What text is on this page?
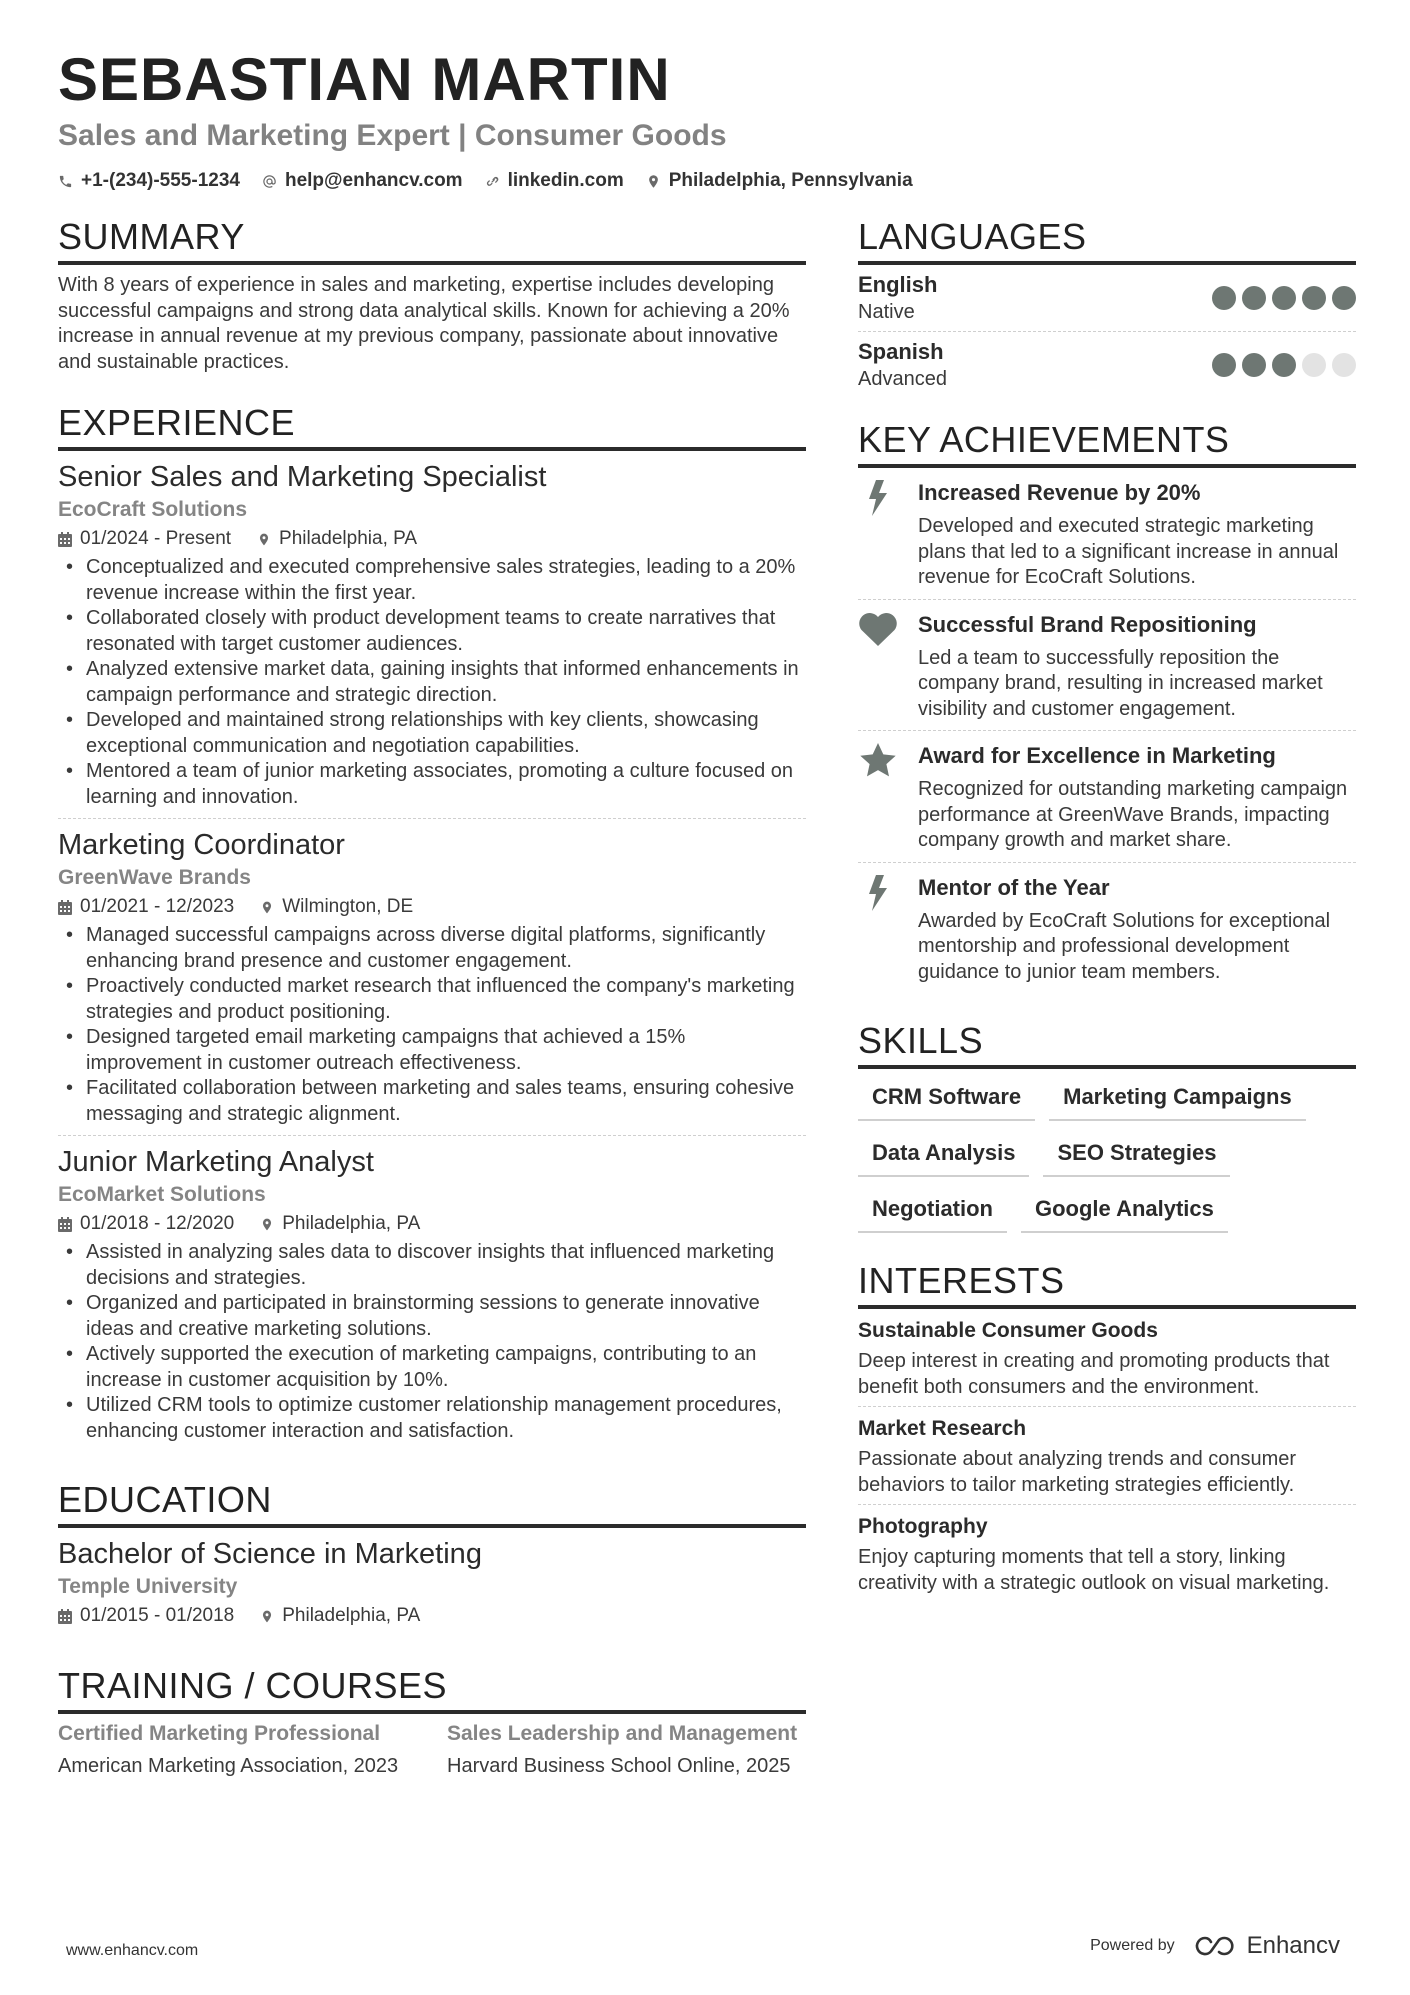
SEBASTIAN MARTIN
Sales and Marketing Expert | Consumer Goods
+1-(234)-555-1234 help@enhancv.com linkedin.com Philadelphia, Pennsylvania
SUMMARY

With 8 years of experience in sales and marketing, expertise includes developing successful campaigns and strong data analytical skills. Known for achieving a 20% increase in annual revenue at my previous company, passionate about innovative and sustainable practices.

EXPERIENCE
Senior Sales and Marketing Specialist
EcoCraft Solutions
01/2024 - Present	Philadelphia, PA
• Conceptualized and executed comprehensive sales strategies, leading to a 20% revenue increase within the first year.
• Collaborated closely with product development teams to create narratives that resonated with target customer audiences.
• Analyzed extensive market data, gaining insights that informed enhancements in campaign performance and strategic direction.
• Developed and maintained strong relationships with key clients, showcasing exceptional communication and negotiation capabilities.
• Mentored a team of junior marketing associates, promoting a culture focused on learning and innovation.
Marketing Coordinator
GreenWave Brands
01/2021 - 12/2023	Wilmington, DE
• Managed successful campaigns across diverse digital platforms, significantly enhancing brand presence and customer engagement.
• Proactively conducted market research that influenced the company's marketing strategies and product positioning.
• Designed targeted email marketing campaigns that achieved a 15% improvement in customer outreach effectiveness.
• Facilitated collaboration between marketing and sales teams, ensuring cohesive messaging and strategic alignment.
Junior Marketing Analyst
EcoMarket Solutions
01/2018 - 12/2020	Philadelphia, PA
• Assisted in analyzing sales data to discover insights that influenced marketing decisions and strategies.
• Organized and participated in brainstorming sessions to generate innovative ideas and creative marketing solutions.
• Actively supported the execution of marketing campaigns, contributing to an increase in customer acquisition by 10%.
• Utilized CRM tools to optimize customer relationship management procedures, enhancing customer interaction and satisfaction.
EDUCATION
Bachelor of Science in Marketing
Temple University
01/2015 - 01/2018	Philadelphia, PA
TRAINING / COURSES
Certified Marketing Professional
American Marketing Association, 2023
Sales Leadership and Management
Harvard Business School Online, 2025
LANGUAGES
English
Native
Spanish
Advanced
KEY ACHIEVEMENTS
Increased Revenue by 20%
Developed and executed strategic marketing plans that led to a significant increase in annual revenue for EcoCraft Solutions.
Successful Brand Repositioning
Led a team to successfully reposition the company brand, resulting in increased market visibility and customer engagement.
Award for Excellence in Marketing
Recognized for outstanding marketing campaign performance at GreenWave Brands, impacting company growth and market share.
Mentor of the Year
Awarded by EcoCraft Solutions for exceptional mentorship and professional development guidance to junior team members.
SKILLS
CRM Software	Marketing Campaigns
Data Analysis	SEO Strategies
Negotiation	Google Analytics
INTERESTS
Sustainable Consumer Goods
Deep interest in creating and promoting products that benefit both consumers and the environment.
Market Research
Passionate about analyzing trends and consumer behaviors to tailor marketing strategies efficiently.
Photography
Enjoy capturing moments that tell a story, linking creativity with a strategic outlook on visual marketing.
www.enhancv.com	Powered by	Enhancv
